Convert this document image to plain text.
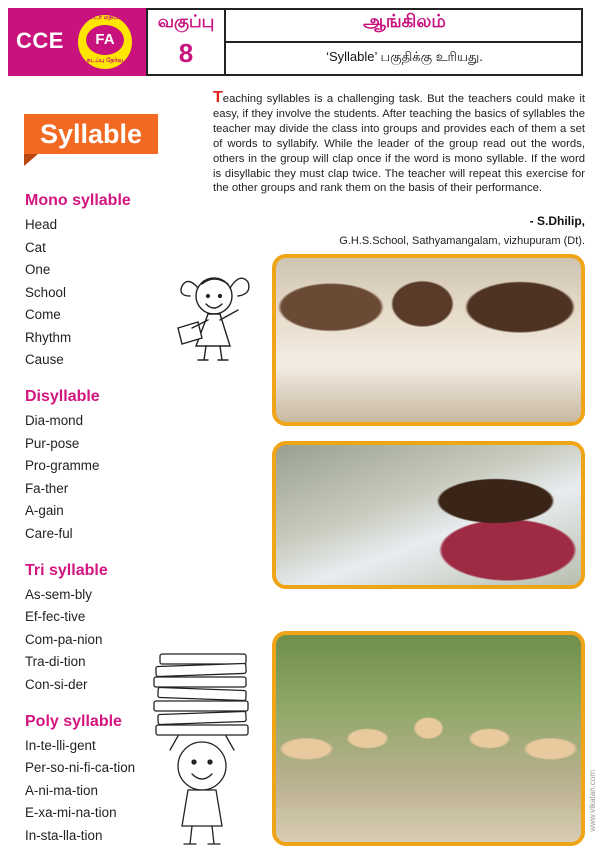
CCE
தொடர் மதிப்பீடு
FA
நடப்பு தேர்வு
வகுப்பு
8
ஆங்கிலம்
‘Syllable’ பகுதிக்கு உரியது.
Teaching syllables is a challenging task. But the teachers could make it easy, if they involve the students. After teaching the basics of syllables the teacher may divide the class into groups and provides each of them a set of words to syllabify. While the leader of the group read out the words, others in the group will clap once if the word is mono syllable. If the word is disyllabic they must clap twice. The teacher will repeat this exercise for the other groups and rank them on the basis of their performance.
- S.Dhilip,
G.H.S.School, Sathyamangalam, vizhupuram (Dt).
Syllable
Mono syllable
Head
Cat
One
School
Come
Rhythm
Cause
Disyllable
Dia-mond
Pur-pose
Pro-gramme
Fa-ther
A-gain
Care-ful
Tri syllable
As-sem-bly
Ef-fec-tive
Com-pa-nion
Tra-di-tion
Con-si-der
Poly syllable
In-te-lli-gent
Per-so-ni-fi-ca-tion
A-ni-ma-tion
E-xa-mi-na-tion
In-sta-lla-tion
www.vikatan.com
